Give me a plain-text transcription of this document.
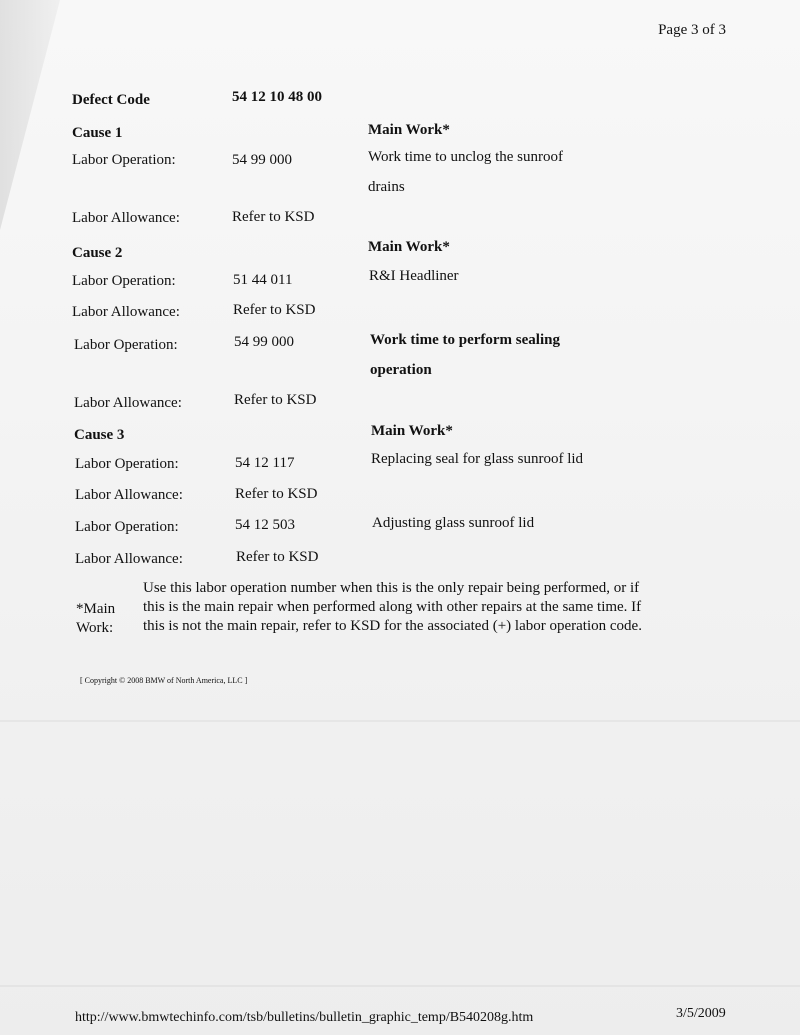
Page 3 of 3
Defect Code	54 12 10 48 00
Cause 1	Main Work*
Labor Operation:	54 99 000	Work time to unclog the sunroof
drains
Labor Allowance:	Refer to KSD
Cause 2	Main Work*
Labor Operation:	51 44 011	R&I Headliner
Labor Allowance:	Refer to KSD
Labor Operation:	54 99 000	Work time to perform sealing
operation
Labor Allowance:	Refer to KSD
Cause 3	Main Work*
Labor Operation:	54 12 117	Replacing seal for glass sunroof lid
Labor Allowance:	Refer to KSD
Labor Operation:	54 12 503	Adjusting glass sunroof lid
Labor Allowance:	Refer to KSD
*Main
Work:
Use this labor operation number when this is the only repair being performed, or if this is the main repair when performed along with other repairs at the same time. If this is not the main repair, refer to KSD for the associated (+) labor operation code.
[ Copyright © 2008 BMW of North America, LLC ]
http://www.bmwtechinfo.com/tsb/bulletins/bulletin_graphic_temp/B540208g.htm	3/5/2009
